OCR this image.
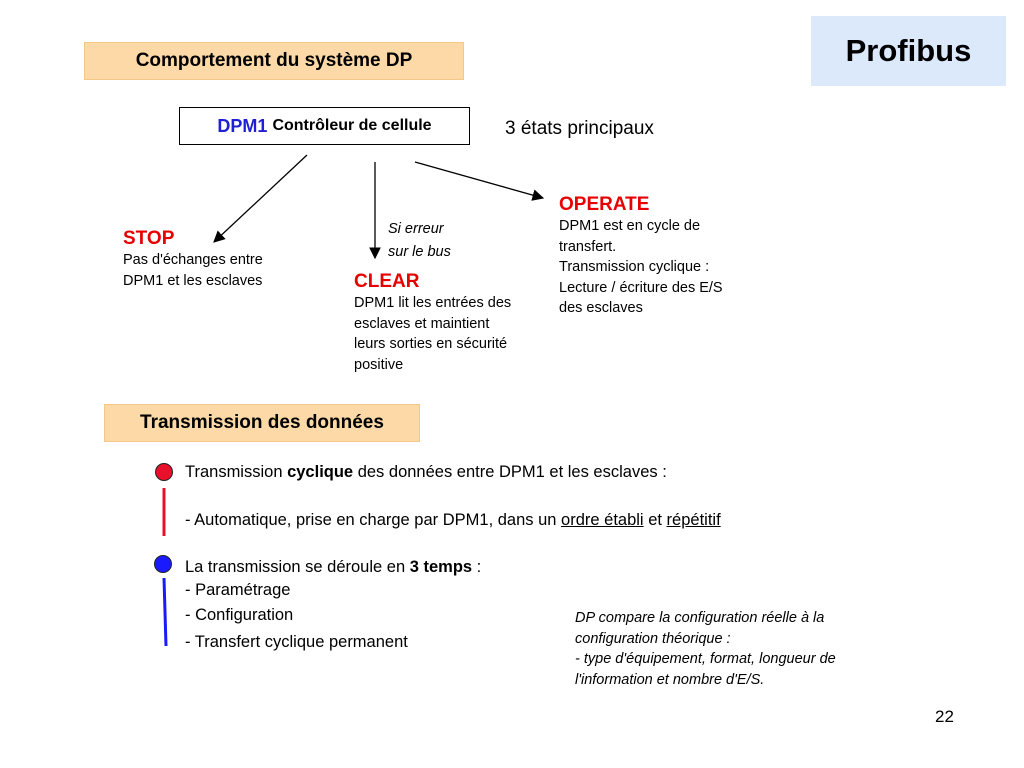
Profibus
Comportement du système DP
Transmission des données
DPM1 Contrôleur de cellule	3 états principaux
STOP
Pas d'échanges entre
DPM1 et les esclaves
Si erreur
sur le bus
CLEAR
DPM1 lit les entrées des
esclaves et maintient
leurs sorties en sécurité
positive
OPERATE
DPM1 est en cycle de
transfert.
Transmission cyclique :
Lecture / écriture des E/S
des esclaves
Transmission cyclique des données entre DPM1 et les esclaves :
- Automatique, prise en charge par DPM1, dans un ordre établi et répétitif
La transmission se déroule en 3 temps :
- Paramétrage
- Configuration
- Transfert cyclique permanent
DP compare la configuration réelle à la
configuration théorique :
- type d'équipement, format, longueur de
l'information et nombre d'E/S.
22
